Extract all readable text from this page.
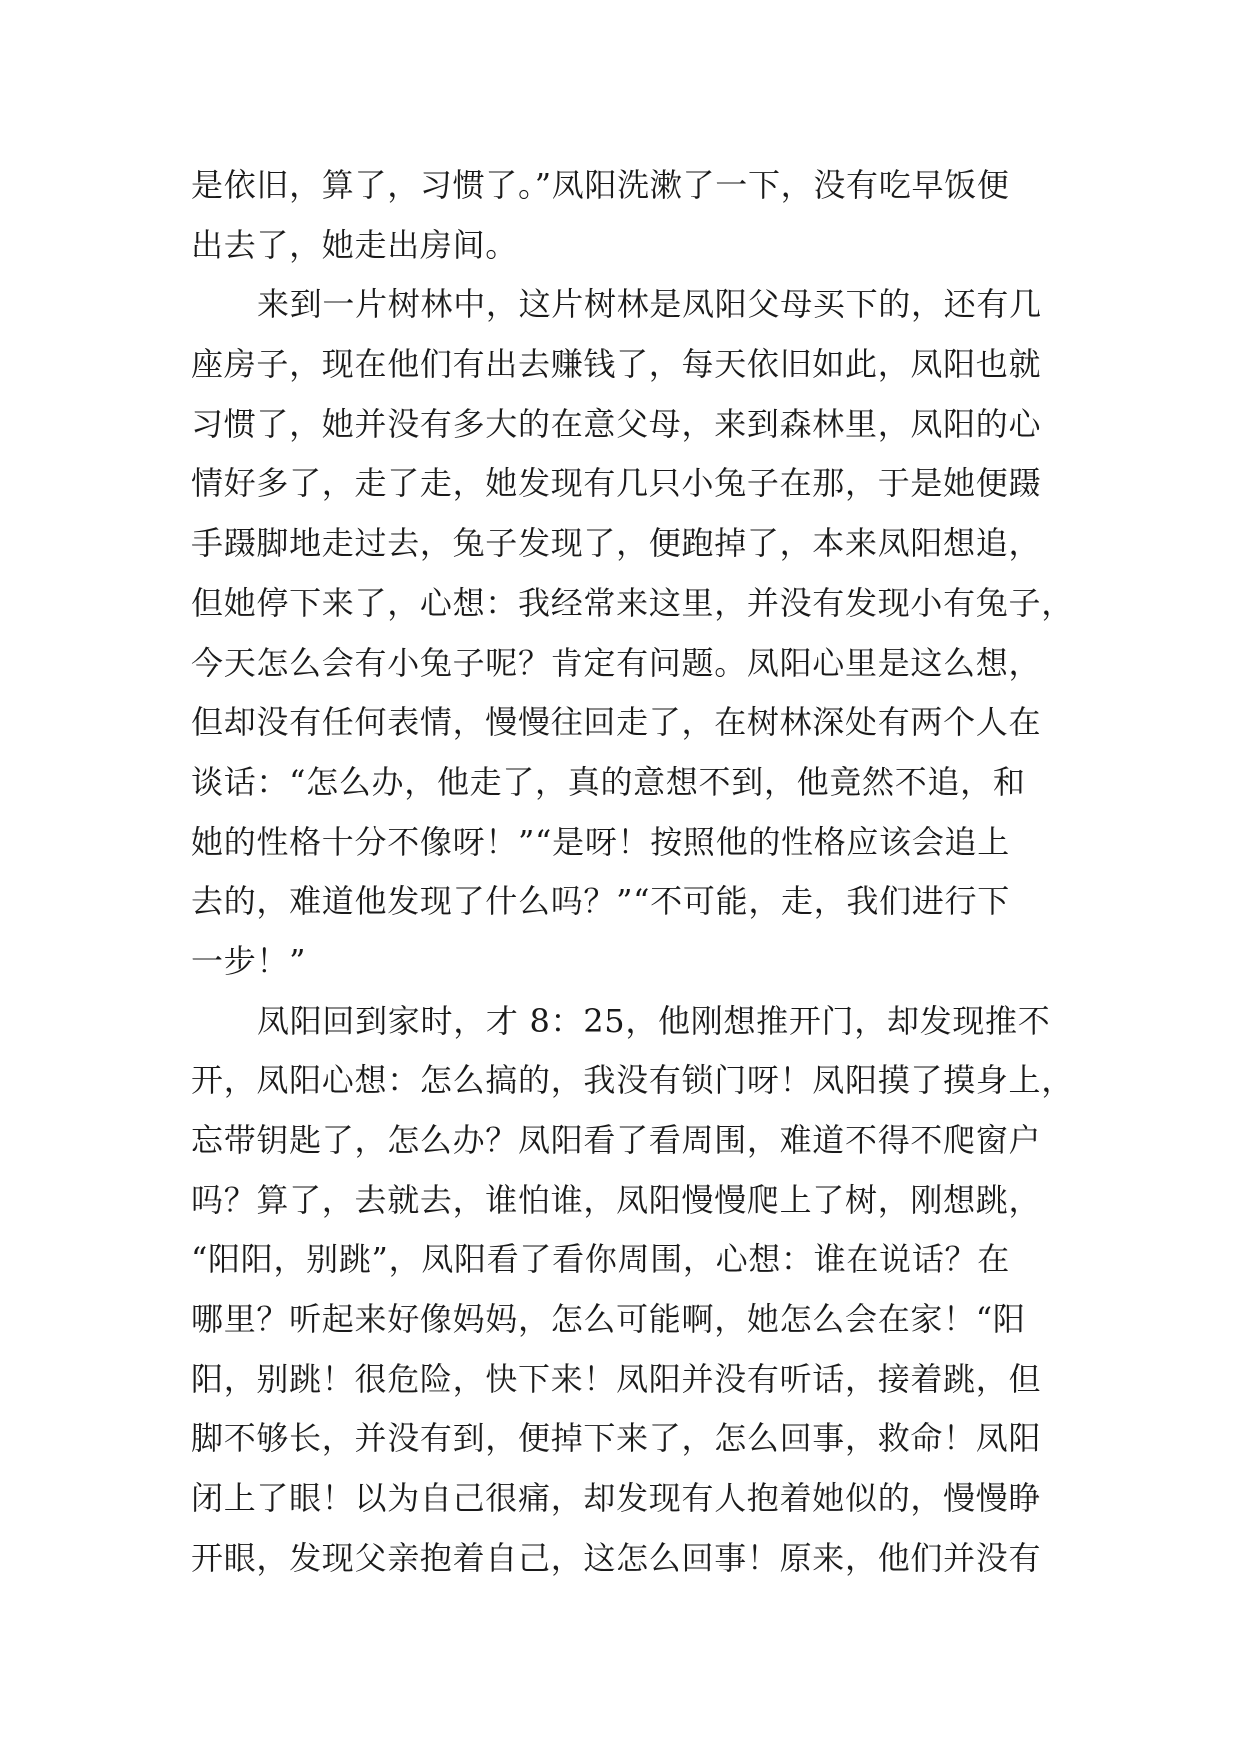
是依旧，算了，习惯了。”凤阳洗漱了一下，没有吃早饭便
出去了，她走出房间。
来到一片树林中，这片树林是凤阳父母买下的，还有几
座房子，现在他们有出去赚钱了，每天依旧如此，凤阳也就
习惯了，她并没有多大的在意父母，来到森林里，凤阳的心
情好多了，走了走，她发现有几只小兔子在那，于是她便蹑
手蹑脚地走过去，兔子发现了，便跑掉了，本来凤阳想追，
但她停下来了，心想：我经常来这里，并没有发现小有兔子，
今天怎么会有小兔子呢？肯定有问题。凤阳心里是这么想，
但却没有任何表情，慢慢往回走了，在树林深处有两个人在
谈话：“怎么办，他走了，真的意想不到，他竟然不追，和
她的性格十分不像呀！”“是呀！按照他的性格应该会追上
去的，难道他发现了什么吗？”“不可能，走，我们进行下
一步！”
凤阳回到家时，才 8：25，他刚想推开门，却发现推不
开，凤阳心想：怎么搞的，我没有锁门呀！凤阳摸了摸身上，
忘带钥匙了，怎么办？凤阳看了看周围，难道不得不爬窗户
吗？算了，去就去，谁怕谁，凤阳慢慢爬上了树，刚想跳，
“阳阳，别跳”，凤阳看了看你周围，心想：谁在说话？在
哪里？听起来好像妈妈，怎么可能啊，她怎么会在家！“阳
阳，别跳！很危险，快下来！凤阳并没有听话，接着跳，但
脚不够长，并没有到，便掉下来了，怎么回事，救命！凤阳
闭上了眼！以为自己很痛，却发现有人抱着她似的，慢慢睁
开眼，发现父亲抱着自己，这怎么回事！原来，他们并没有
